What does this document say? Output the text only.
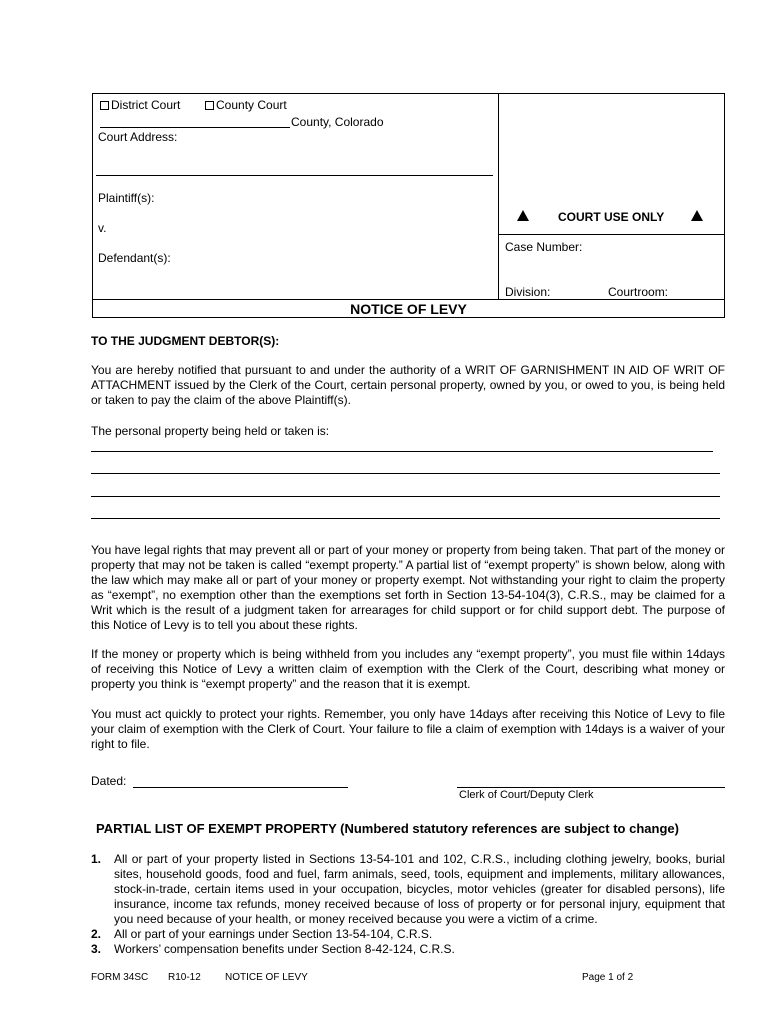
District Court	County Court
County, Colorado
Court Address:
Plaintiff(s):
v.
Defendant(s):
COURT USE ONLY
Case Number:
Division:	Courtroom:
NOTICE OF LEVY
TO THE JUDGMENT DEBTOR(S):

You are hereby notified that pursuant to and under the authority of a WRIT OF GARNISHMENT IN AID OF WRIT OF ATTACHMENT issued by the Clerk of the Court, certain personal property, owned by you, or owed to you, is being held or taken to pay the claim of the above Plaintiff(s).

The personal property being held or taken is:

You have legal rights that may prevent all or part of your money or property from being taken. That part of the money or property that may not be taken is called “exempt property.” A partial list of “exempt property” is shown below, along with the law which may make all or part of your money or property exempt. Not withstanding your right to claim the property as “exempt”, no exemption other than the exemptions set forth in Section 13-54-104(3), C.R.S., may be claimed for a Writ which is the result of a judgment taken for arrearages for child support or for child support debt. The purpose of this Notice of Levy is to tell you about these rights.

If the money or property which is being withheld from you includes any “exempt property”, you must file within 14days of receiving this Notice of Levy a written claim of exemption with the Clerk of the Court, describing what money or property you think is “exempt property” and the reason that it is exempt.

You must act quickly to protect your rights. Remember, you only have 14days after receiving this Notice of Levy to file your claim of exemption with the Clerk of Court. Your failure to file a claim of exemption with 14days is a waiver of your right to file.

Dated:
Clerk of Court/Deputy Clerk
PARTIAL LIST OF EXEMPT PROPERTY (Numbered statutory references are subject to change)
1. All or part of your property listed in Sections 13-54-101 and 102, C.R.S., including clothing jewelry, books, burial sites, household goods, food and fuel, farm animals, seed, tools, equipment and implements, military allowances, stock-in-trade, certain items used in your occupation, bicycles, motor vehicles (greater for disabled persons), life insurance, income tax refunds, money received because of loss of property or for personal injury, equipment that you need because of your health, or money received because you were a victim of a crime.
2. All or part of your earnings under Section 13-54-104, C.R.S.
3. Workers’ compensation benefits under Section 8-42-124, C.R.S.
FORM 34SC R10-12 NOTICE OF LEVY	Page 1 of 2
